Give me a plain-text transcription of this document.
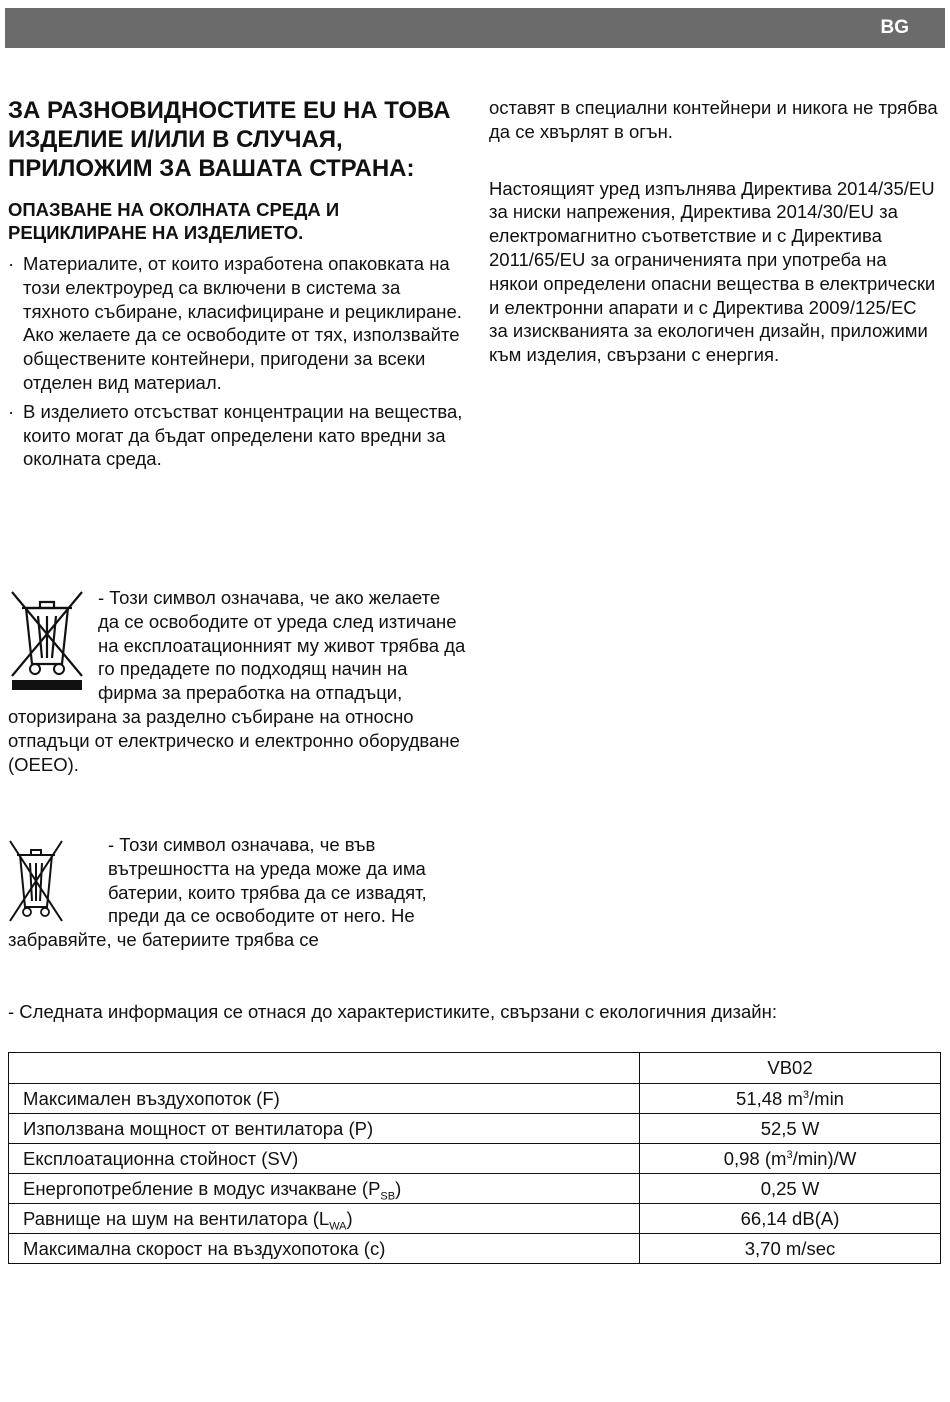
BG
ЗА РАЗНОВИДНОСТИТЕ EU НА ТОВА ИЗДЕЛИЕ И/ИЛИ В СЛУЧАЯ, ПРИЛОЖИМ ЗА ВАШАТА СТРАНА:
ОПАЗВАНЕ НА ОКОЛНАТА СРЕДА И РЕЦИКЛИРАНЕ НА ИЗДЕЛИЕТО.
· Материалите, от които изработена опаковката на този електроуред са включени в система за тяхното събиране, класифициране и рециклиране. Ако желаете да се освободите от тях, използвайте обществените контейнери, пригодени за всеки отделен вид материал.
· В изделието отсъстват концентрации на вещества, които могат да бъдат определени като вредни за околната среда.

оставят в специални контейнери и никога не трябва да се хвърлят в огън.

Настоящият уред изпълнява Директива 2014/35/EU за ниски напрежения, Директива 2014/30/EU за електромагнитно съответствие и с Директива 2011/65/EU за ограниченията при употреба на някои определени опасни вещества в електрически и електронни апарати и с Директива 2009/125/EC за изискванията за екологичен дизайн, приложими към изделия, свързани с енергия.

- Този символ означава, че ако желаете да се освободите от уреда след изтичане на експлоатационният му живот трябва да го предадете по подходящ начин на фирма за преработка на отпадъци, оторизирана за разделно събиране на относно отпадъци от електрическо и електронно оборудване (ОЕЕО).
- Този символ означава, че във вътрешността на уреда може да има батерии, които трябва да се извадят, преди да се освободите от него. Не забравяйте, че батериите трябва се
- Следната информация се отнася до характеристиките, свързани с екологичния дизайн:
	VB02
Максимален въздухопоток (F)	51,48 $m^3/\min$
Използвана мощност от вентилатора (P)	52,5 W
Експлоатационна стойност (SV)	0,98 $(m^3/\min)/W$
Енергопотребление в модус изчакване $(P_{SB})$	0,25 W
Равнище на шум на вентилатора $(L_{WA})$	66,14 dB(A)
Максимална скорост на въздухопотока (c)	3,70 m/sec
